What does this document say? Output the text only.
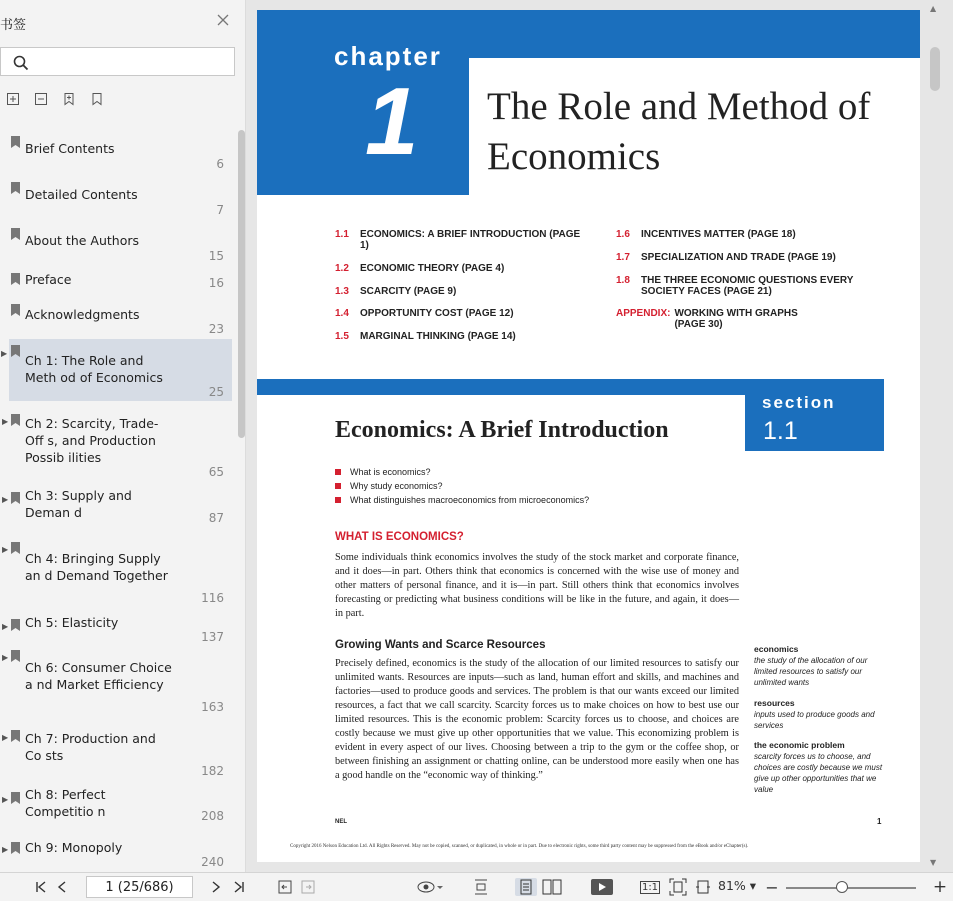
书签
Brief Contents
6
Detailed Contents
7
About the Authors
15
Preface	16
Acknowledgments
23
▶ Ch 1: The Role and Meth od of Economics
25
▶ Ch 2: Scarcity, Trade-Off s, and Production Possib ilities
65
▶ Ch 3: Supply and Deman d	87
▶
Ch 4: Bringing Supply an d Demand Together
116
▶ Ch 5: Elasticity
137
▶
Ch 6: Consumer Choice a nd Market Efficiency
163
▶ Ch 7: Production and Co sts
182
▶ Ch 8: Perfect Competitio n	208
▶ Ch 9: Monopoly
240
chapter
1 The Role and Method of Economics
1.1 ECONOMICS: A BRIEF INTRODUCTION (PAGE 1)
1.2 ECONOMIC THEORY (PAGE 4)
1.3 SCARCITY (PAGE 9)
1.4 OPPORTUNITY COST (PAGE 12)
1.5 MARGINAL THINKING (PAGE 14)
1.6 INCENTIVES MATTER (PAGE 18)
1.7 SPECIALIZATION AND TRADE (PAGE 19)
1.8 THE THREE ECONOMIC QUESTIONS EVERY SOCIETY FACES (PAGE 21)
APPENDIX: WORKING WITH GRAPHS (PAGE 30)
section
1.1
Economics: A Brief Introduction
What is economics?
Why study economics?
What distinguishes macroeconomics from microeconomics?
WHAT IS ECONOMICS?
Some individuals think economics involves the study of the stock market and corporate finance, and it does—in part. Others think that economics is concerned with the wise use of money and other matters of personal finance, and it is—in part. Still others think that economics involves forecasting or predicting what business conditions will be like in the future, and again, it does—in part.
Growing Wants and Scarce Resources
Precisely defined, economics is the study of the allocation of our limited resources to satisfy our unlimited wants. Resources are inputs—such as land, human effort and skills, and machines and factories—used to produce goods and services. The problem is that our wants exceed our limited resources, a fact that we call scarcity. Scarcity forces us to make choices on how to best use our limited resources. This is the economic problem: Scarcity forces us to choose, and choices are costly because we must give up other opportunities that we value. This economizing problem is evident in every aspect of our lives. Choosing between a trip to the gym or the coffee shop, or between finishing an assignment or chatting online, can be understood more easily when one has a good handle on the “economic way of thinking.”
economics
the study of the allocation of our limited resources to satisfy our unlimited wants
resources
inputs used to produce goods and services
the economic problem
scarcity forces us to choose, and choices are costly because we must give up other opportunities that we value
NEL	1
Copyright 2016 Nelson Education Ltd. All Rights Reserved. May not be copied, scanned, or duplicated, in whole or in part. Due to electronic rights, some third party content may be suppressed from the eBook and/or eChapter(s).
▲
▼
1 (25/686)	1:1	81% ▾ −	+
